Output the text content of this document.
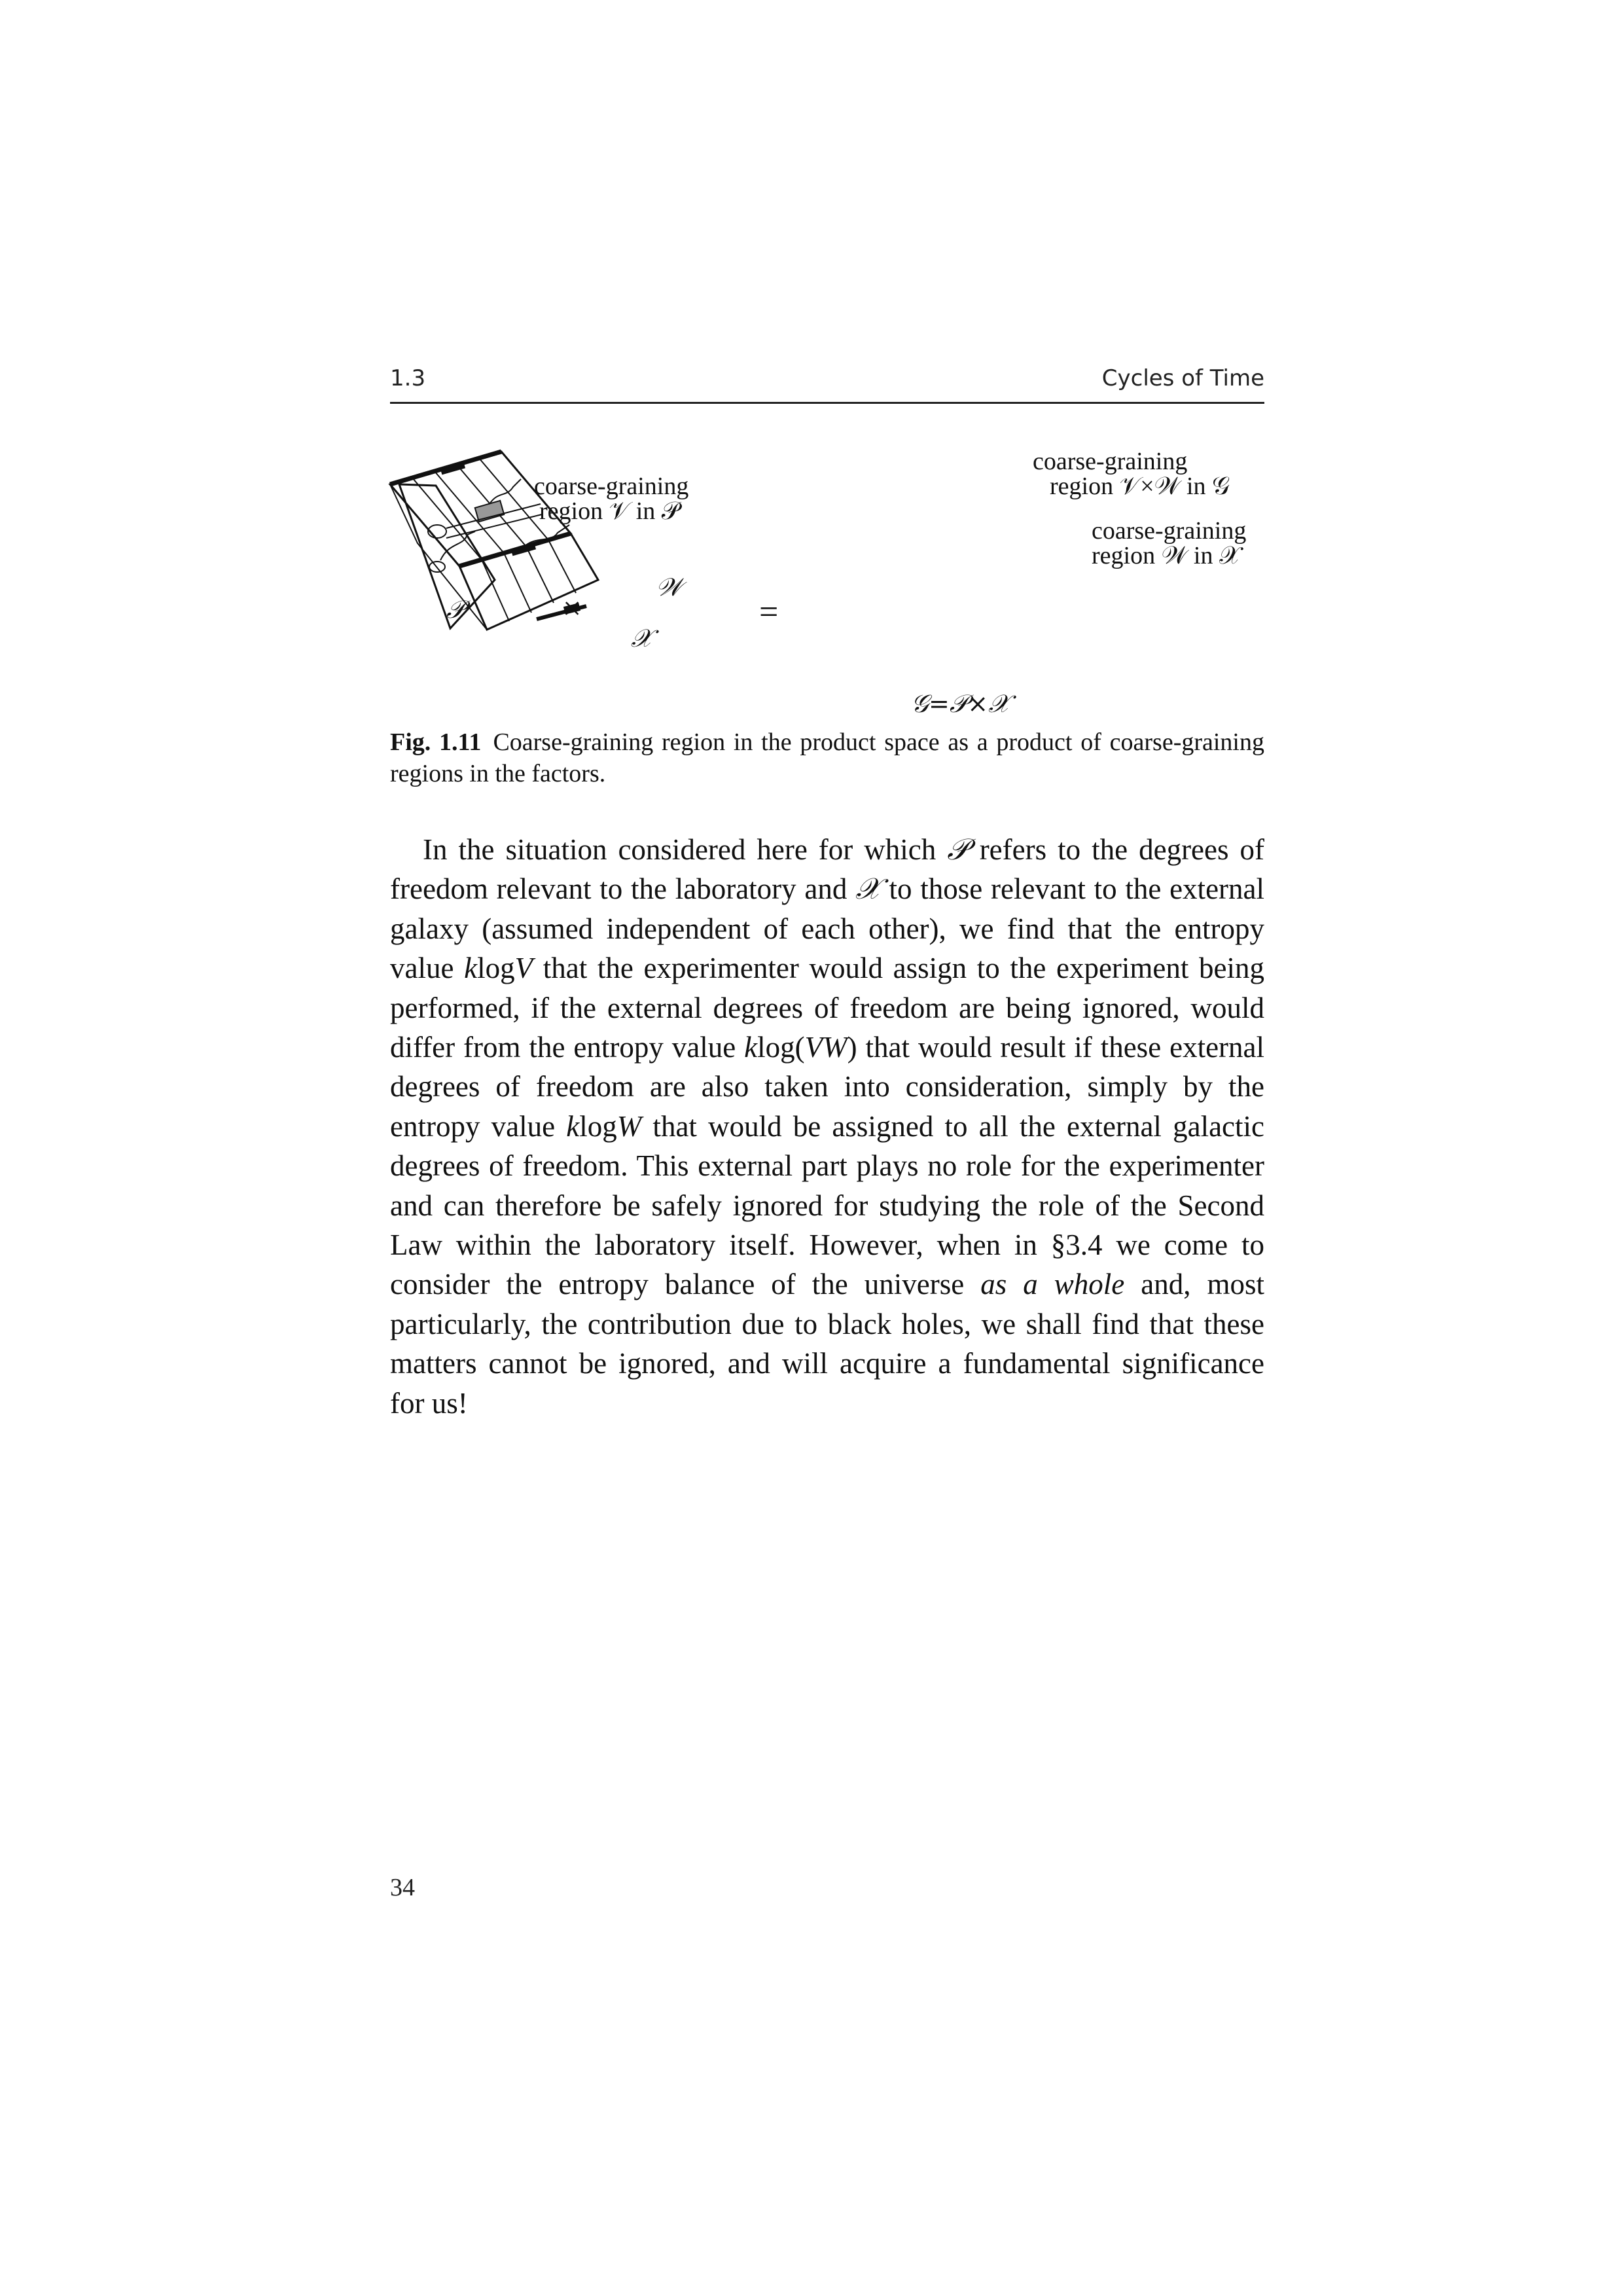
1.3	Cycles of Time
coarse-graining
region 𝒱 in 𝒫
𝒫	×
𝒲
𝒳
=
coarse-graining
region 𝒱×𝒲 in 𝒢
coarse-graining
region 𝒲 in 𝒳
𝒢=𝒫×𝒳
Fig. 1.11 Coarse-graining region in the product space as a product of coarse-graining regions in the factors.

In the situation considered here for which 𝒫 refers to the degrees of freedom relevant to the laboratory and 𝒳 to those relevant to the external galaxy (assumed independent of each other), we find that the entropy value klogV that the experimenter would assign to the experiment being performed, if the external degrees of freedom are being ignored, would differ from the entropy value klog(VW) that would result if these external degrees of freedom are also taken into consideration, simply by the entropy value klogW that would be assigned to all the external galactic degrees of freedom. This external part plays no role for the experimenter and can therefore be safely ignored for studying the role of the Second Law within the laboratory itself. However, when in §3.4 we come to consider the entropy balance of the universe as a whole and, most particularly, the contribution due to black holes, we shall find that these matters cannot be ignored, and will acquire a fundamental significance for us!

34
